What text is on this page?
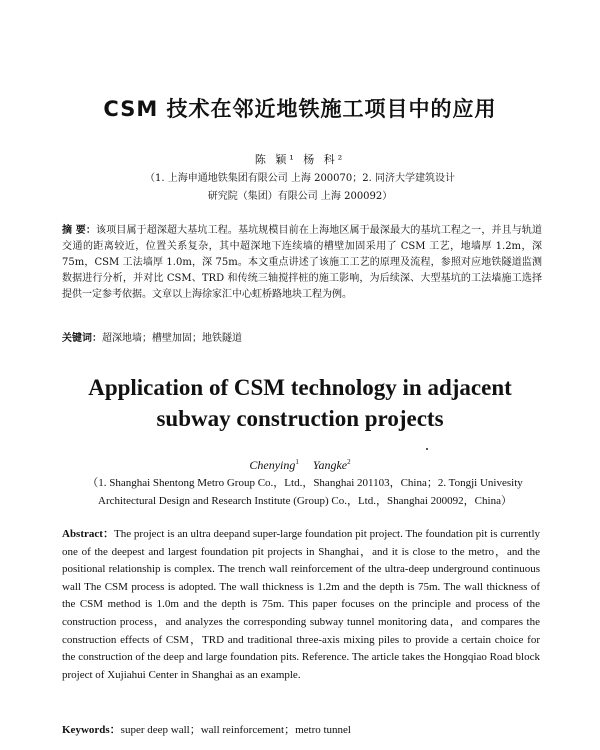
CSM 技术在邻近地铁施工项目中的应用
陈 颖¹ 杨 科²
（1. 上海申通地铁集团有限公司 上海 200070；2. 同济大学建筑设计
研究院（集团）有限公司 上海 200092）
摘 要：该项目属于超深超大基坑工程。基坑规模目前在上海地区属于最深最大的基坑工程之一，并且与轨道交通的距离较近，位置关系复杂，其中超深地下连续墙的槽壁加固采用了 CSM 工艺，地墙厚 1.2m，深 75m，CSM 工法墙厚 1.0m，深 75m。本文重点讲述了该施工工艺的原理及流程，参照对应地铁隧道监测数据进行分析，并对比 CSM、TRD 和传统三轴搅拌桩的施工影响，为后续深、大型基坑的工法墙施工选择提供一定参考依据。文章以上海徐家汇中心虹桥路地块工程为例。
关键词：超深地墙；槽壁加固；地铁隧道
Application of CSM technology in adjacent
subway construction projects
Chenying$^1$ Yangke$^2$
（1. Shanghai Shentong Metro Group Co.，Ltd.，Shanghai 201103，China；2. Tongji Univesity
Architectural Design and Research Institute (Group) Co.，Ltd.，Shanghai 200092，China）
Abstract：The project is an ultra deepand super-large foundation pit project. The foundation pit is currently one of the deepest and largest foundation pit projects in Shanghai，and it is close to the metro，and the positional relationship is complex. The trench wall reinforcement of the ultra-deep underground continuous wall The CSM process is adopted. The wall thickness is 1.2m and the depth is 75m. The wall thickness of the CSM method is 1.0m and the depth is 75m. This paper focuses on the principle and process of the construction process，and analyzes the corresponding subway tunnel monitoring data，and compares the construction effects of CSM，TRD and traditional three-axis mixing piles to provide a certain choice for the construction of the deep and large foundation pits. Reference. The article takes the Hongqiao Road block project of Xujiahui Center in Shanghai as an example.
Keywords：super deep wall；wall reinforcement；metro tunnel
